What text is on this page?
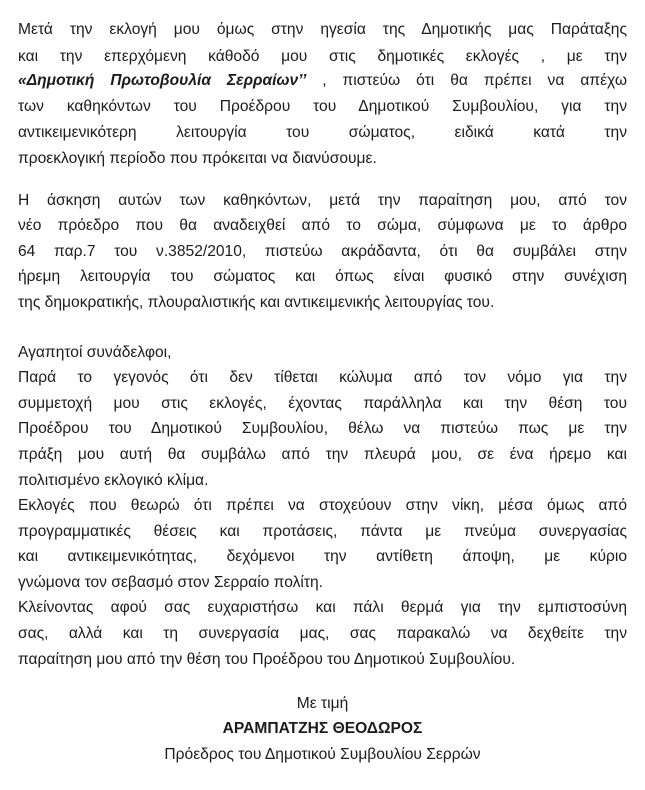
Μετά την εκλογή μου όμως στην ηγεσία της Δημοτικής μας Παράταξης
και την επερχόμενη κάθοδό μου στις δημοτικές εκλογές , με την
«Δημοτική Πρωτοβουλία Σερραίων’’ , πιστεύω ότι θα πρέπει να απέχω
των καθηκόντων του Προέδρου του Δημοτικού Συμβουλίου, για την
αντικειμενικότερη λειτουργία του σώματος, ειδικά κατά την
προεκλογική περίοδο που πρόκειται να διανύσουμε.
Η άσκηση αυτών των καθηκόντων, μετά την παραίτηση μου, από τον
νέο πρόεδρο που θα αναδειχθεί από το σώμα, σύμφωνα με το άρθρο
64 παρ.7 του ν.3852/2010, πιστεύω ακράδαντα, ότι θα συμβάλει στην
ήρεμη λειτουργία του σώματος και όπως είναι φυσικό στην συνέχιση
της δημοκρατικής, πλουραλιστικής και αντικειμενικής λειτουργίας του.
Αγαπητοί συνάδελφοι,
Παρά το γεγονός ότι δεν τίθεται κώλυμα από τον νόμο για την
συμμετοχή μου στις εκλογές, έχοντας παράλληλα και την θέση του
Προέδρου του Δημοτικού Συμβουλίου, θέλω να πιστεύω πως με την
πράξη μου αυτή θα συμβάλω από την πλευρά μου, σε ένα ήρεμο και
πολιτισμένο εκλογικό κλίμα.
Εκλογές που θεωρώ ότι πρέπει να στοχεύουν στην νίκη, μέσα όμως από
προγραμματικές θέσεις και προτάσεις, πάντα με πνεύμα συνεργασίας
και αντικειμενικότητας, δεχόμενοι την αντίθετη άποψη, με κύριο
γνώμονα τον σεβασμό στον Σερραίο πολίτη.
Κλείνοντας αφού σας ευχαριστήσω και πάλι θερμά για την εμπιστοσύνη
σας, αλλά και τη συνεργασία μας, σας παρακαλώ να δεχθείτε την
παραίτηση μου από την θέση του Προέδρου του Δημοτικού Συμβουλίου.
Με τιμή
ΑΡΑΜΠΑΤΖΗΣ ΘΕΟΔΩΡΟΣ
Πρόεδρος του Δημοτικού Συμβουλίου Σερρών
